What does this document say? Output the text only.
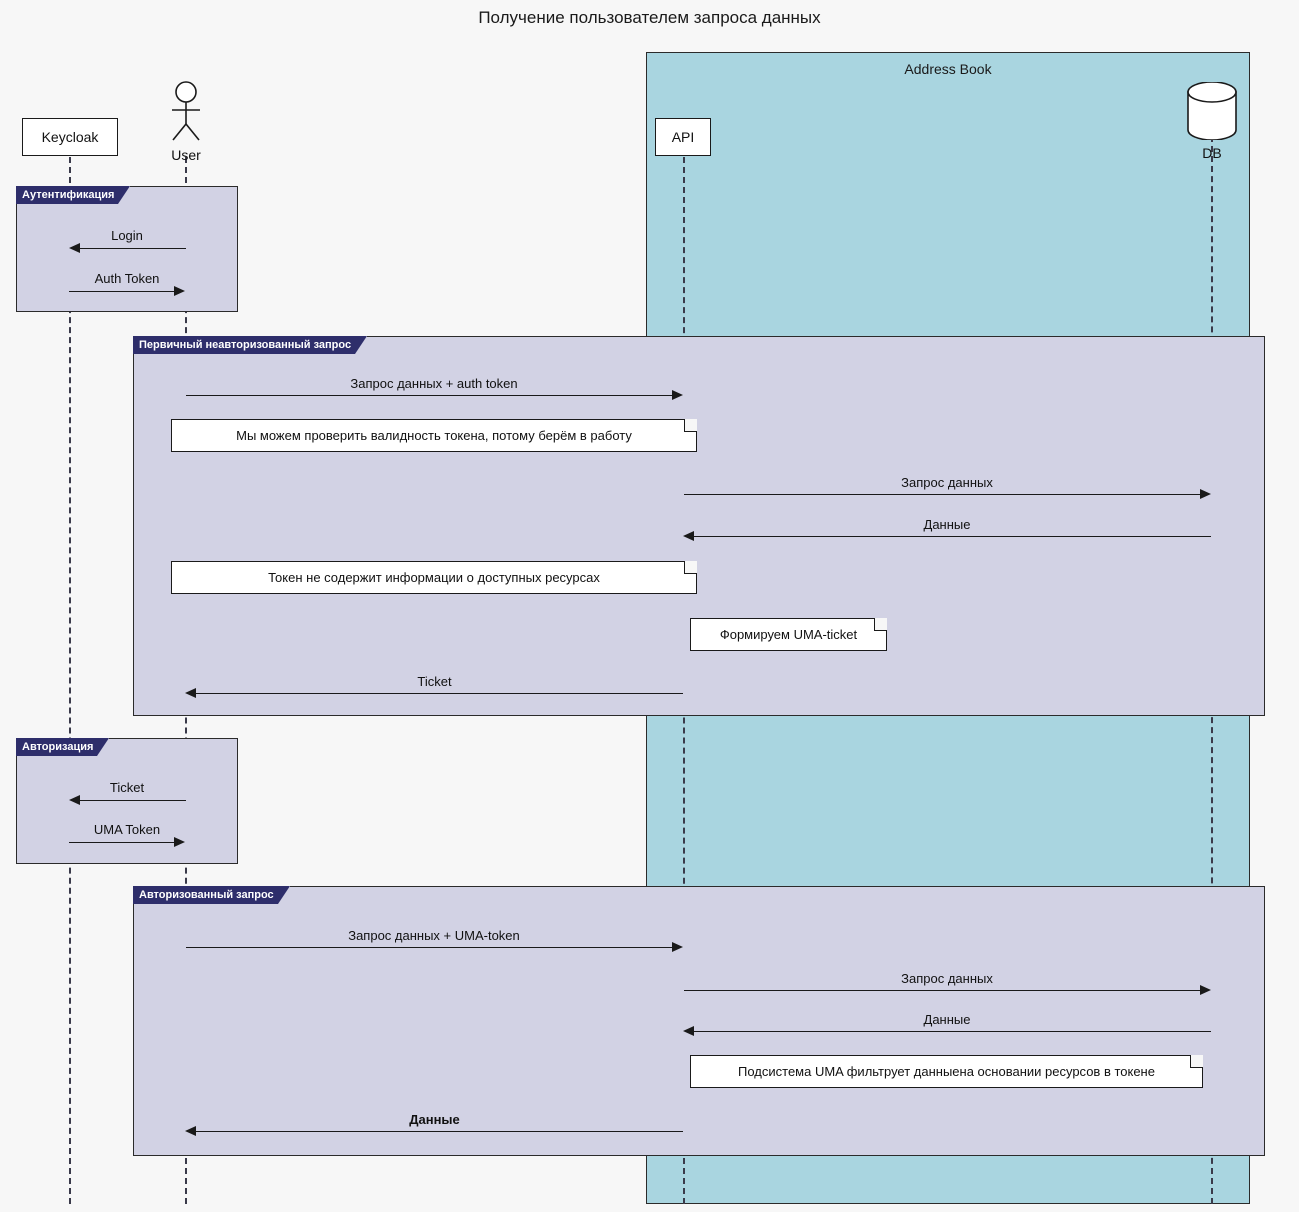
Получение пользователем запроса данных
Address Book
Keycloak
User
API
DB
Аутентификация
Login
Auth Token
Первичный неавторизованный запрос
Запрос данных + auth token
Мы можем проверить валидность токена, потому берём в работу
Запрос данных
Данные
Токен не содержит информации о доступных ресурсах
Формируем UMA-ticket
Ticket
Авторизация
Ticket
UMA Token
Авторизованный запрос
Запрос данных + UMA-token
Запрос данных
Данные
Подсистема UMA фильтрует данныена основании ресурсов в токене
Данные
